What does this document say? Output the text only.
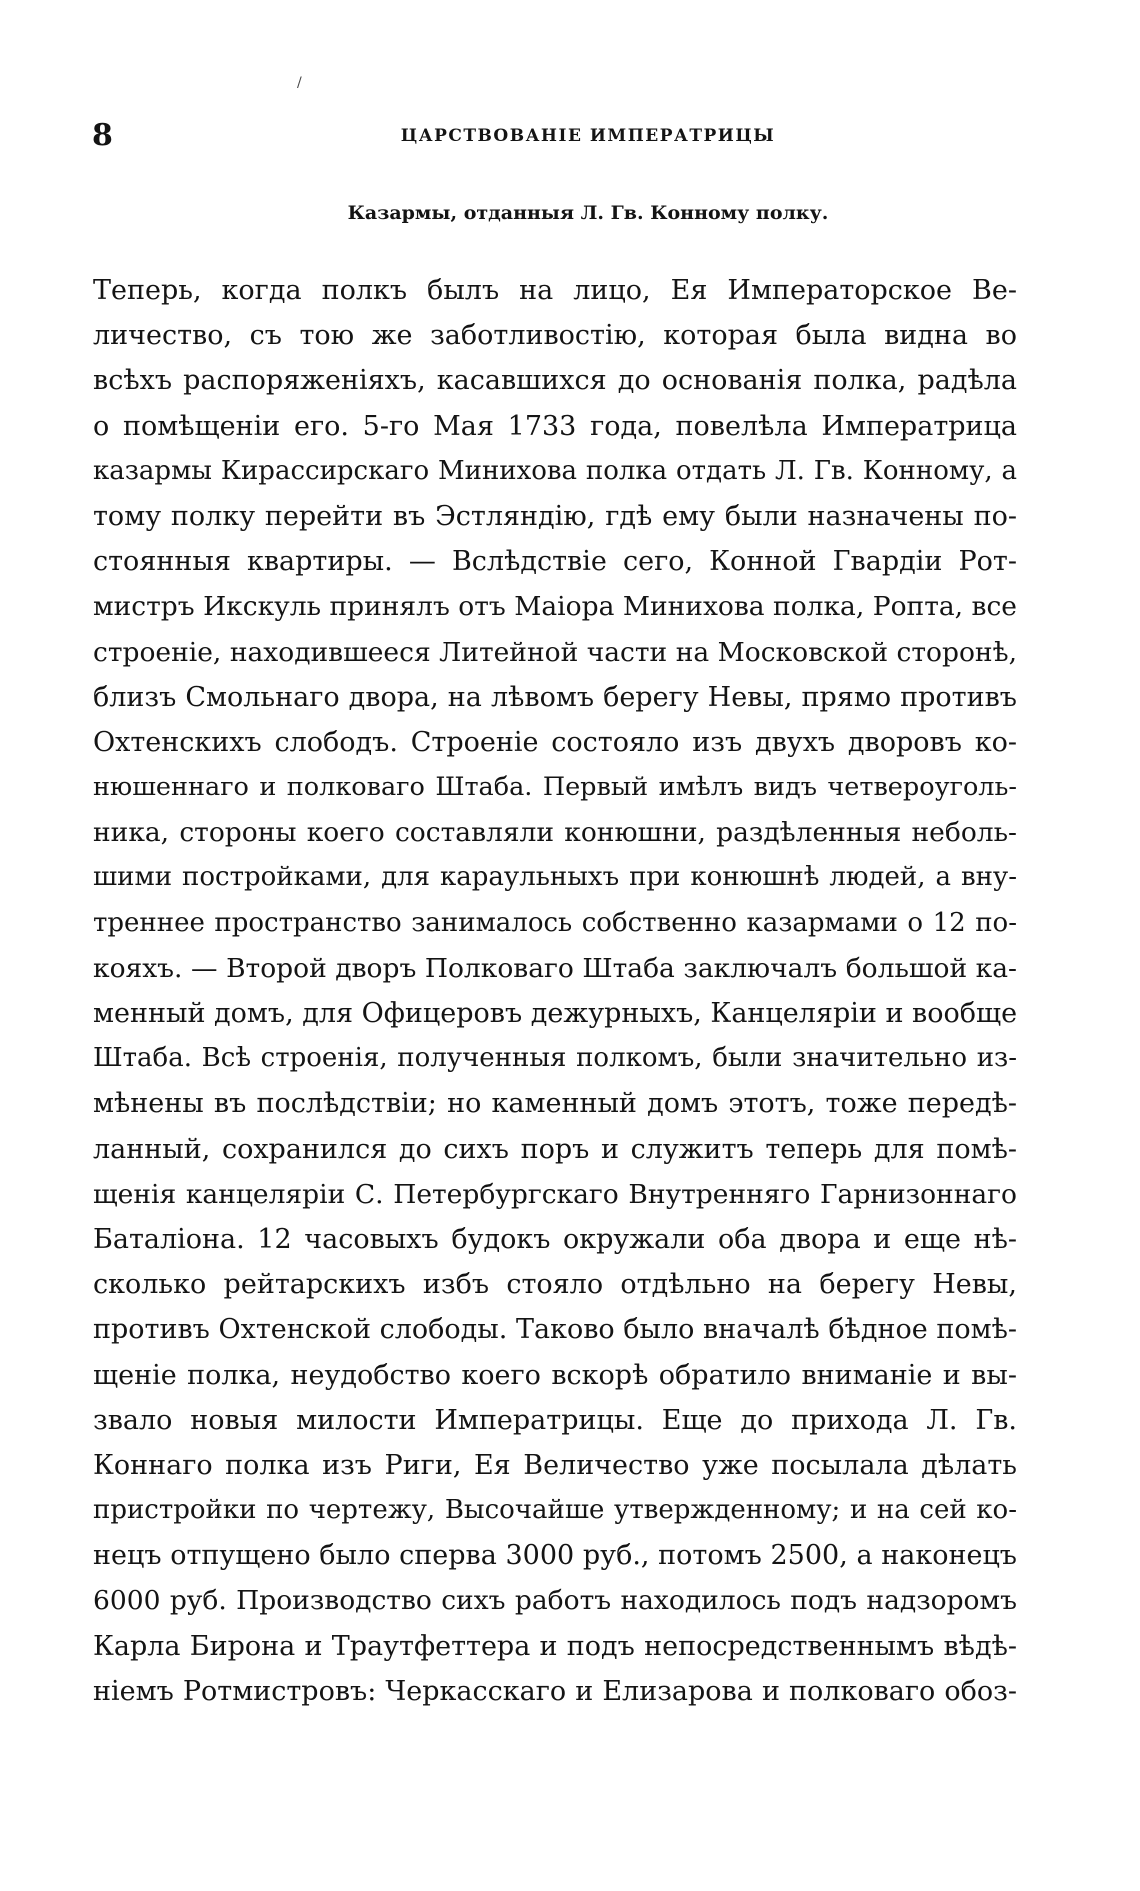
/
8	ЦАРСТВОВАНІЕ ИМПЕРАТРИЦЫ
Казармы, отданныя Л. Гв. Конному полку.
Теперь, когда полкъ былъ на лицо, Ея Императорское Ве-
личество, съ тою же заботливостію, которая была видна во
всѣхъ распоряженіяхъ, касавшихся до основанія полка, радѣла
о помѣщеніи его. 5-го Мая 1733 года, повелѣла Императрица
казармы Кирассирскаго Миниxова полка отдать Л. Гв. Конному, а
тому полку перейти въ Эстляндію, гдѣ ему были назначены по-
стоянныя квартиры. — Вслѣдствіе сего, Конной Гвардіи Рот-
мистръ Икскуль принялъ отъ Маіора Миниxова полка, Ропта, все
строеніе, находившееся Литейной части на Московской сторонѣ,
близъ Смольнаго двора, на лѣвомъ берегу Невы, прямо противъ
Охтенскихъ слободъ. Строеніе состояло изъ двухъ дворовъ ко-
нюшеннаго и полковаго Штаба. Первый имѣлъ видъ четвероуголь-
ника, стороны коего составляли конюшни, раздѣленныя неболь-
шими постройками, для караульныхъ при конюшнѣ людей, а вну-
треннее пространство занималось собственно казармами о 12 по-
кояхъ. — Второй дворъ Полковаго Штаба заключалъ большой ка-
менный домъ, для Офицеровъ дежурныхъ, Канцеляріи и вообще
Штаба. Всѣ строенія, полученныя полкомъ, были значительно из-
мѣнены въ послѣдствіи; но каменный домъ этотъ, тоже передѣ-
ланный, сохранился до сихъ поръ и служитъ теперь для помѣ-
щенія канцеляріи С. Петербургскаго Внутренняго Гарнизоннаго
Баталіона. 12 часовыхъ будокъ окружали оба двора и еще нѣ-
сколько рейтарскихъ избъ стояло отдѣльно на берегу Невы,
противъ Охтенской слободы. Таково было вначалѣ бѣдное помѣ-
щеніе полка, неудобство коего вскорѣ обратило вниманіе и вы-
звало новыя милости Императрицы. Еще до прихода Л. Гв.
Коннаго полка изъ Риги, Ея Величество уже посылала дѣлать
пристройки по чертежу, Высочайше утвержденному; и на сей ко-
нецъ отпущено было сперва 3000 руб., потомъ 2500, а наконецъ
6000 руб. Производство сихъ работъ находилось подъ надзоромъ
Карла Бирона и Траутфеттера и подъ непосредственнымъ вѣдѣ-
ніемъ Ротмистровъ: Черкасскаго и Елизарова и полковаго обоз-
